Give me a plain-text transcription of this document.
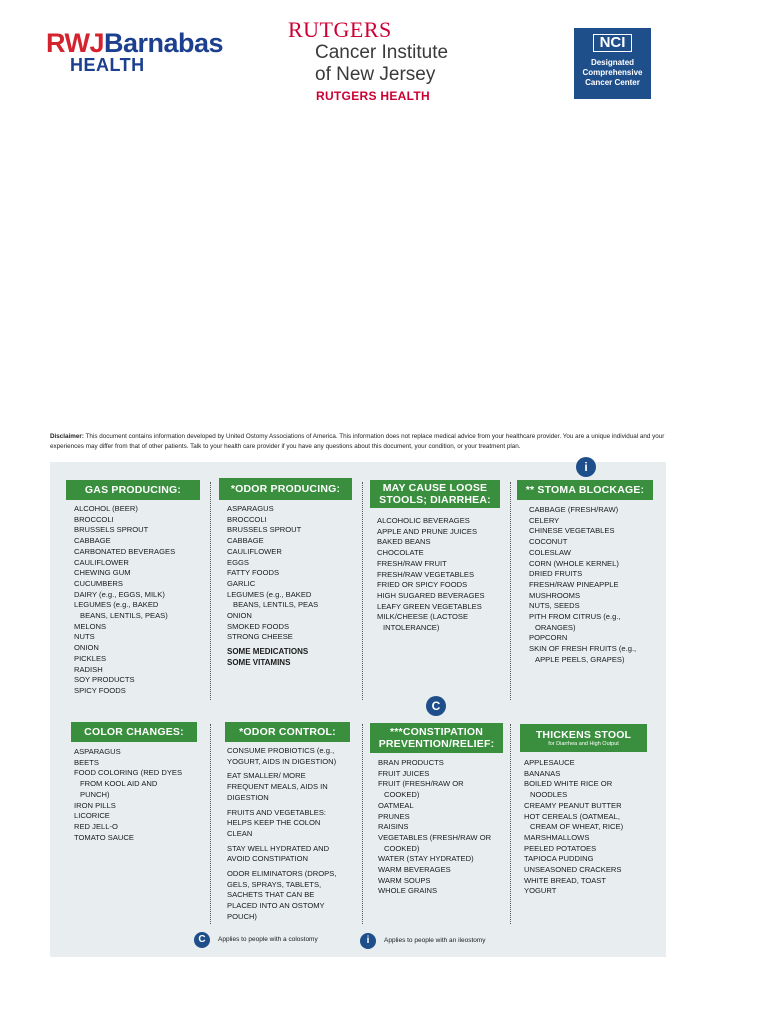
RWJBarnabas
HEALTH
RUTGERS
Cancer Institute
of New Jersey
RUTGERS HEALTH
NCI
Designated
Comprehensive
Cancer Center
Disclaimer: This document contains information developed by United Ostomy Associations of America. This information does not replace medical advice from your healthcare provider. You are a unique individual and your experiences may differ from that of other patients. Talk to your health care provider if you have any questions about this document, your condition, or your treatment plan.
GAS PRODUCING:	*ODOR PRODUCING:	MAY CAUSE LOOSE
STOOLS; DIARRHEA:
** STOMA BLOCKAGE:
i
ALCOHOL (BEER)
BROCCOLI
BRUSSELS SPROUT
CABBAGE
CARBONATED BEVERAGES
CAULIFLOWER
CHEWING GUM
CUCUMBERS
DAIRY (e.g., EGGS, MILK)
LEGUMES (e.g., BAKED
BEANS, LENTILS, PEAS)
MELONS
NUTS
ONION
PICKLES
RADISH
SOY PRODUCTS
SPICY FOODS
ASPARAGUS
BROCCOLI
BRUSSELS SPROUT
CABBAGE
CAULIFLOWER
EGGS
FATTY FOODS
GARLIC
LEGUMES (e.g., BAKED
BEANS, LENTILS, PEAS
ONION
SMOKED FOODS
STRONG CHEESE
SOME MEDICATIONS
SOME VITAMINS
ALCOHOLIC BEVERAGES
APPLE AND PRUNE JUICES
BAKED BEANS
CHOCOLATE
FRESH/RAW FRUIT
FRESH/RAW VEGETABLES
FRIED OR SPICY FOODS
HIGH SUGARED BEVERAGES
LEAFY GREEN VEGETABLES
MILK/CHEESE (LACTOSE
INTOLERANCE)
CABBAGE (FRESH/RAW)
CELERY
CHINESE VEGETABLES
COCONUT
COLESLAW
CORN (WHOLE KERNEL)
DRIED FRUITS
FRESH/RAW PINEAPPLE
MUSHROOMS
NUTS, SEEDS
PITH FROM CITRUS (e.g.,
ORANGES)
POPCORN
SKIN OF FRESH FRUITS (e.g.,
APPLE PEELS, GRAPES)
C
COLOR CHANGES:	*ODOR CONTROL:	***CONSTIPATION
PREVENTION/RELIEF:
THICKENS STOOL
for Diarrhea and High Output
ASPARAGUS
BEETS
FOOD COLORING (RED DYES
FROM KOOL AID AND
PUNCH)
IRON PILLS
LICORICE
RED JELL-O
TOMATO SAUCE
CONSUME PROBIOTICS (e.g.,
YOGURT, AIDS IN DIGESTION)
EAT SMALLER/ MORE
FREQUENT MEALS, AIDS IN
DIGESTION
FRUITS AND VEGETABLES:
HELPS KEEP THE COLON
CLEAN
STAY WELL HYDRATED AND
AVOID CONSTIPATION
ODOR ELIMINATORS (DROPS,
GELS, SPRAYS, TABLETS,
SACHETS THAT CAN BE
PLACED INTO AN OSTOMY
POUCH)
BRAN PRODUCTS
FRUIT JUICES
FRUIT (FRESH/RAW OR
COOKED)
OATMEAL
PRUNES
RAISINS
VEGETABLES (FRESH/RAW OR
COOKED)
WATER (STAY HYDRATED)
WARM BEVERAGES
WARM SOUPS
WHOLE GRAINS
APPLESAUCE
BANANAS
BOILED WHITE RICE OR
NOODLES
CREAMY PEANUT BUTTER
HOT CEREALS (OATMEAL,
CREAM OF WHEAT, RICE)
MARSHMALLOWS
PEELED POTATOES
TAPIOCA PUDDING
UNSEASONED CRACKERS
WHITE BREAD, TOAST
YOGURT
C	Applies to people with a colostomy	i	Applies to people with an ileostomy
